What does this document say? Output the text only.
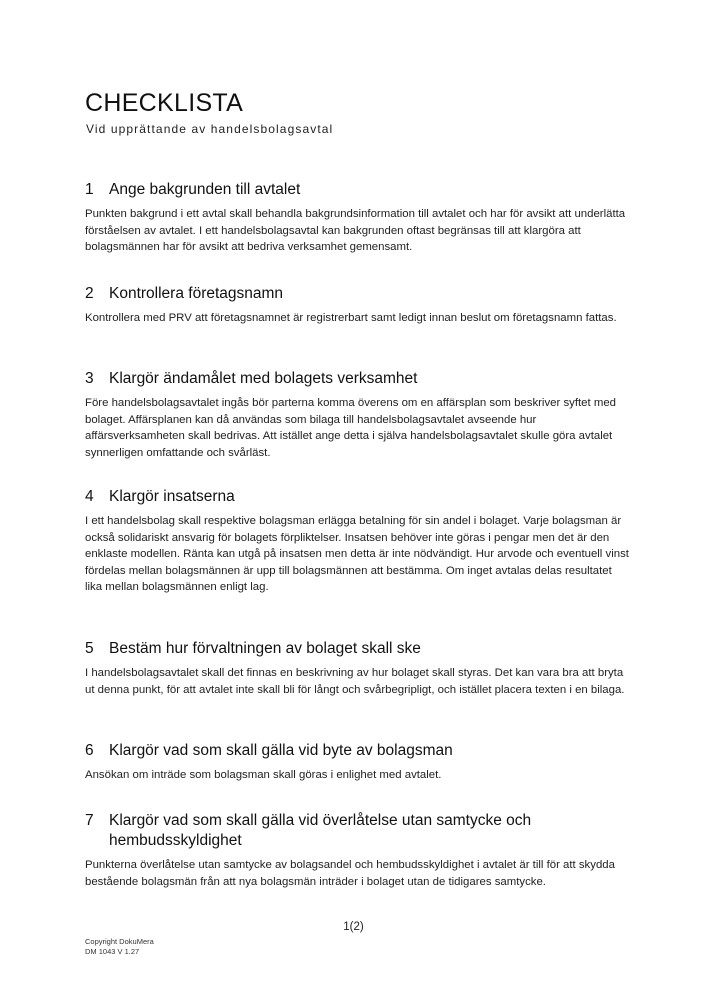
CHECKLISTA
Vid upprättande av handelsbolagsavtal
1 Ange bakgrunden till avtalet

Punkten bakgrund i ett avtal skall behandla bakgrundsinformation till avtalet och har för avsikt att underlätta förståelsen av avtalet. I ett handelsbolagsavtal kan bakgrunden oftast begränsas till att klargöra att bolagsmännen har för avsikt att bedriva verksamhet gemensamt.

2 Kontrollera företagsnamn

Kontrollera med PRV att företagsnamnet är registrerbart samt ledigt innan beslut om företagsnamn fattas.

3 Klargör ändamålet med bolagets verksamhet

Före handelsbolagsavtalet ingås bör parterna komma överens om en affärsplan som beskriver syftet med bolaget. Affärsplanen kan då användas som bilaga till handelsbolagsavtalet avseende hur affärsverksamheten skall bedrivas. Att istället ange detta i själva handelsbolagsavtalet skulle göra avtalet synnerligen omfattande och svårläst.

4 Klargör insatserna

I ett handelsbolag skall respektive bolagsman erlägga betalning för sin andel i bolaget. Varje bolagsman är också solidariskt ansvarig för bolagets förpliktelser. Insatsen behöver inte göras i pengar men det är den enklaste modellen. Ränta kan utgå på insatsen men detta är inte nödvändigt. Hur arvode och eventuell vinst fördelas mellan bolagsmännen är upp till bolagsmännen att bestämma. Om inget avtalas delas resultatet lika mellan bolagsmännen enligt lag.

5 Bestäm hur förvaltningen av bolaget skall ske

I handelsbolagsavtalet skall det finnas en beskrivning av hur bolaget skall styras. Det kan vara bra att bryta ut denna punkt, för att avtalet inte skall bli för långt och svårbegripligt, och istället placera texten i en bilaga.

6 Klargör vad som skall gälla vid byte av bolagsman

Ansökan om inträde som bolagsman skall göras i enlighet med avtalet.

7 Klargör vad som skall gälla vid överlåtelse utan samtycke och hembudsskyldighet

Punkterna överlåtelse utan samtycke av bolagsandel och hembudsskyldighet i avtalet är till för att skydda bestående bolagsmän från att nya bolagsmän inträder i bolaget utan de tidigares samtycke.

1(2)
Copyright DokuMera
DM 1043 V 1.27
